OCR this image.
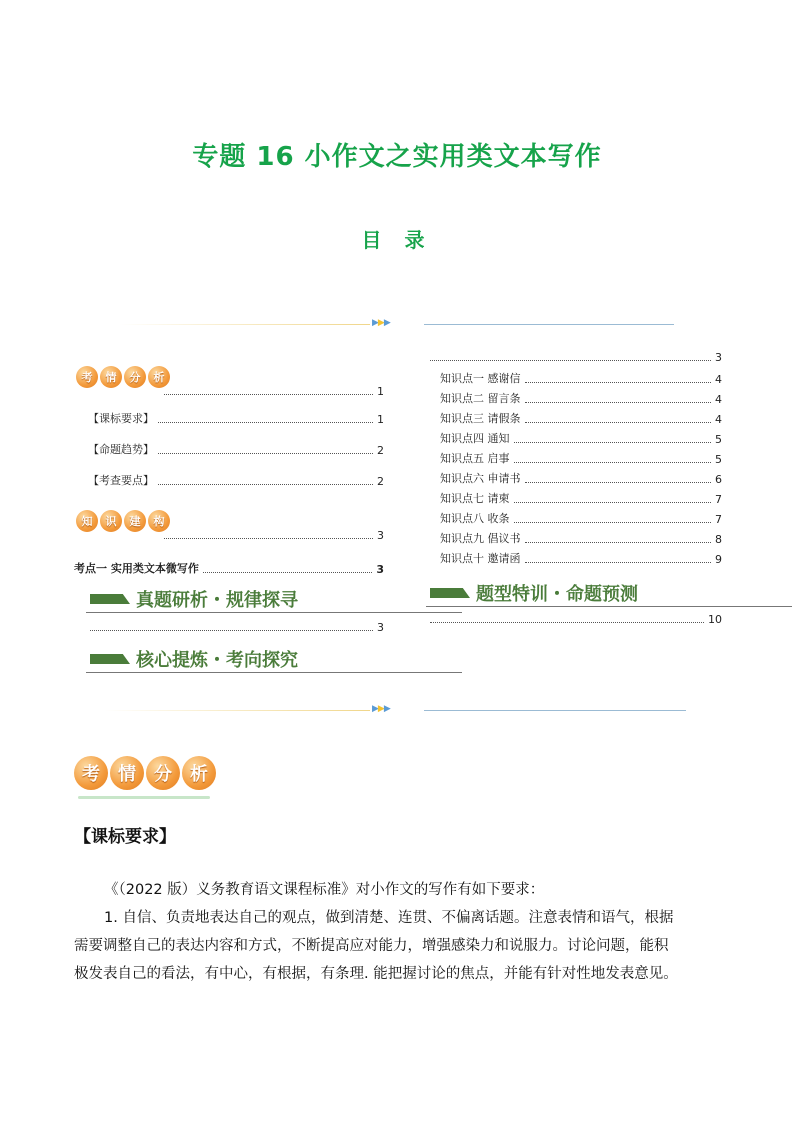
专题 16 小作文之实用类文本写作
目 录
▶▶▶
考	情	分	析
1
【课标要求】	1
【命题趋势】	2
【考查要点】	2
知	识	建	构
3
考点一 实用类文本微写作	3
真题研析・规律探寻
3
核心提炼・考向探究
3
知识点一 感谢信	4
知识点二 留言条	4
知识点三 请假条	4
知识点四 通知	5
知识点五 启事	5
知识点六 申请书	6
知识点七 请柬	7
知识点八 收条	7
知识点九 倡议书	8
知识点十 邀请函	9
题型特训・命题预测
10
▶▶▶
考	情	分	析
【课标要求】
《（2022 版）义务教育语文课程标准》对小作文的写作有如下要求：
1. 自信、负责地表达自己的观点，做到清楚、连贯、不偏离话题。注意表情和语气，根据
需要调整自己的表达内容和方式，不断提高应对能力，增强感染力和说服力。讨论问题，能积
极发表自己的看法，有中心，有根据，有条理. 能把握讨论的焦点，并能有针对性地发表意见。
